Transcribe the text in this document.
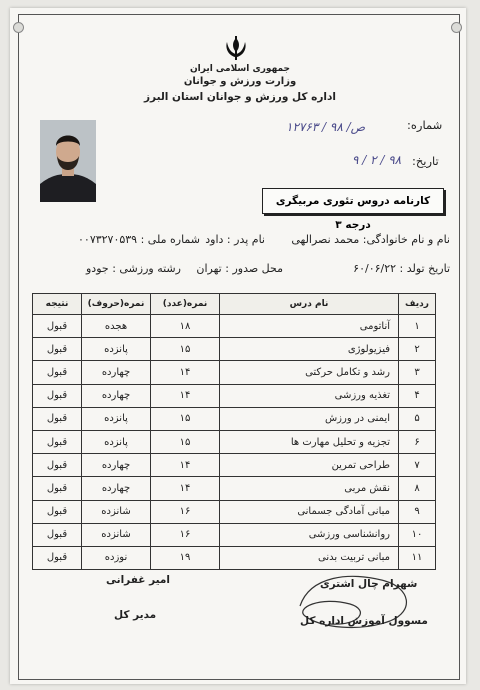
جمهوری اسلامی ایران
وزارت ورزش و جوانان
اداره کل ورزش و جوانان استان البرز
شماره:
۱۲۷۶۳ / ص/ ۹۸
تاریخ:
۹ / ۲ / ۹۸
کارنامه دروس تئوری مربیگری درجه ۳
نام و نام خانوادگی: محمد نصرالهی
نام پدر : داود
شماره ملی : ۰۰۷۳۲۷۰۵۳۹
تاریخ تولد : ۶۰/۰۶/۲۲
محل صدور : تهران
رشته ورزشی : جودو
ردیف	نام درس	نمره(عدد)	نمره(حروف)	نتیجه
۱	آناتومی	۱۸	هجده	قبول
۲	فیزیولوژی	۱۵	پانزده	قبول
۳	رشد و تکامل حرکتی	۱۴	چهارده	قبول
۴	تغذیه ورزشی	۱۴	چهارده	قبول
۵	ایمنی در ورزش	۱۵	پانزده	قبول
۶	تجزیه و تحلیل مهارت ها	۱۵	پانزده	قبول
۷	طراحی تمرین	۱۴	چهارده	قبول
۸	نقش مربی	۱۴	چهارده	قبول
۹	مبانی آمادگی جسمانی	۱۶	شانزده	قبول
۱۰	روانشناسی ورزشی	۱۶	شانزده	قبول
۱۱	مبانی تربیت بدنی	۱۹	نوزده	قبول
امیر غفرانی
مدیر کل
شهرام چال اشتری
مسوول آموزش اداره کل
